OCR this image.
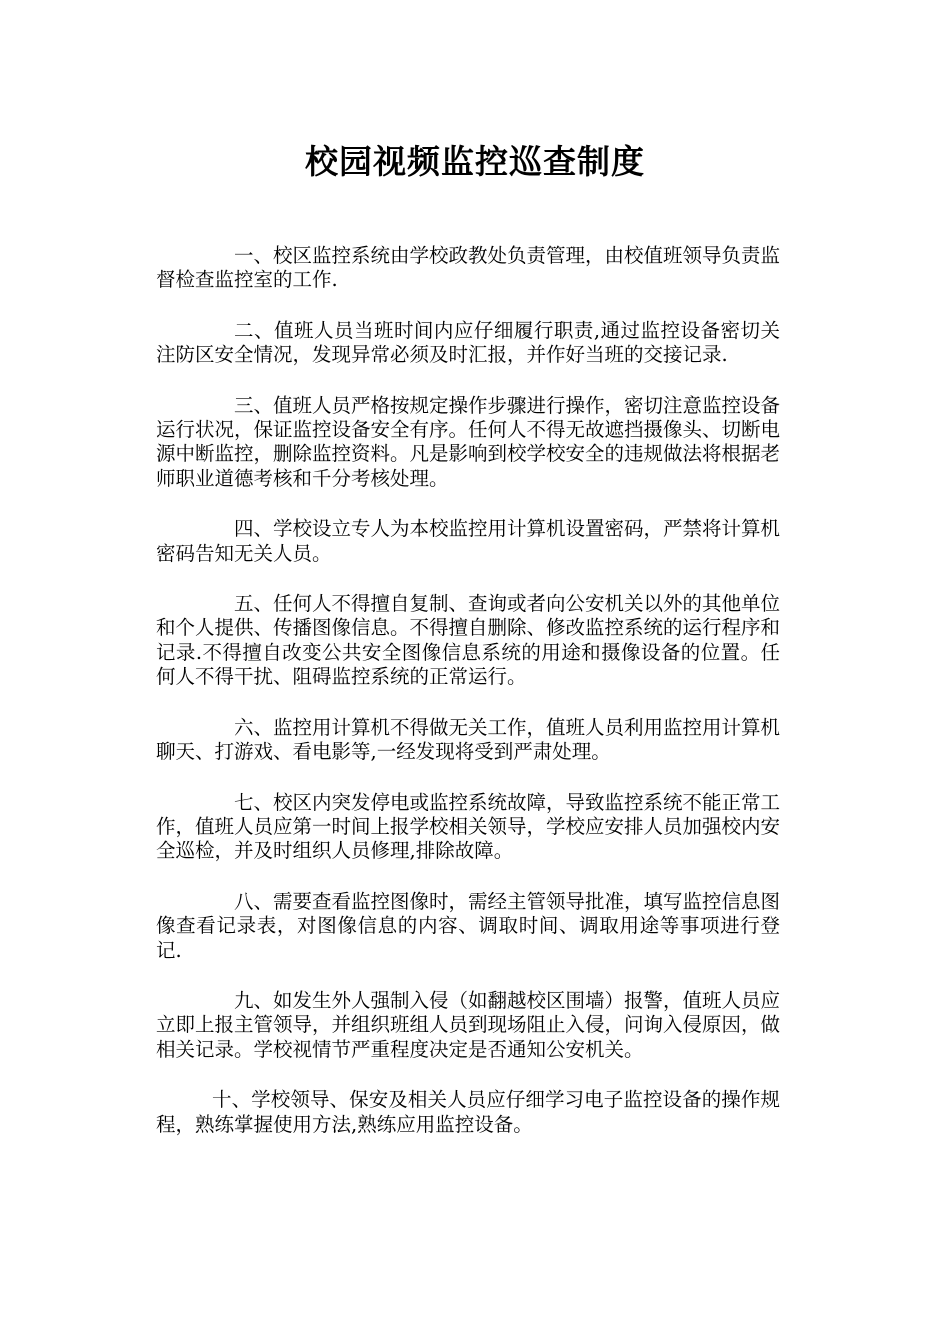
校园视频监控巡查制度

一、校区监控系统由学校政教处负责管理，由校值班领导负责监督检查监控室的工作.

二、值班人员当班时间内应仔细履行职责,通过监控设备密切关注防区安全情况，发现异常必须及时汇报，并作好当班的交接记录.

三、值班人员严格按规定操作步骤进行操作，密切注意监控设备运行状况，保证监控设备安全有序。任何人不得无故遮挡摄像头、切断电源中断监控，删除监控资料。凡是影响到校学校安全的违规做法将根据老师职业道德考核和千分考核处理。

四、学校设立专人为本校监控用计算机设置密码，严禁将计算机密码告知无关人员。

五、任何人不得擅自复制、查询或者向公安机关以外的其他单位和个人提供、传播图像信息。不得擅自删除、修改监控系统的运行程序和记录.不得擅自改变公共安全图像信息系统的用途和摄像设备的位置。任何人不得干扰、阻碍监控系统的正常运行。

六、监控用计算机不得做无关工作，值班人员利用监控用计算机聊天、打游戏、看电影等,一经发现将受到严肃处理。

七、校区内突发停电或监控系统故障，导致监控系统不能正常工作，值班人员应第一时间上报学校相关领导，学校应安排人员加强校内安全巡检，并及时组织人员修理,排除故障。

八、需要查看监控图像时，需经主管领导批准，填写监控信息图像查看记录表，对图像信息的内容、调取时间、调取用途等事项进行登记.

九、如发生外人强制入侵（如翻越校区围墙）报警，值班人员应立即上报主管领导，并组织班组人员到现场阻止入侵，问询入侵原因，做相关记录。学校视情节严重程度决定是否通知公安机关。

十、学校领导、保安及相关人员应仔细学习电子监控设备的操作规程，熟练掌握使用方法,熟练应用监控设备。
